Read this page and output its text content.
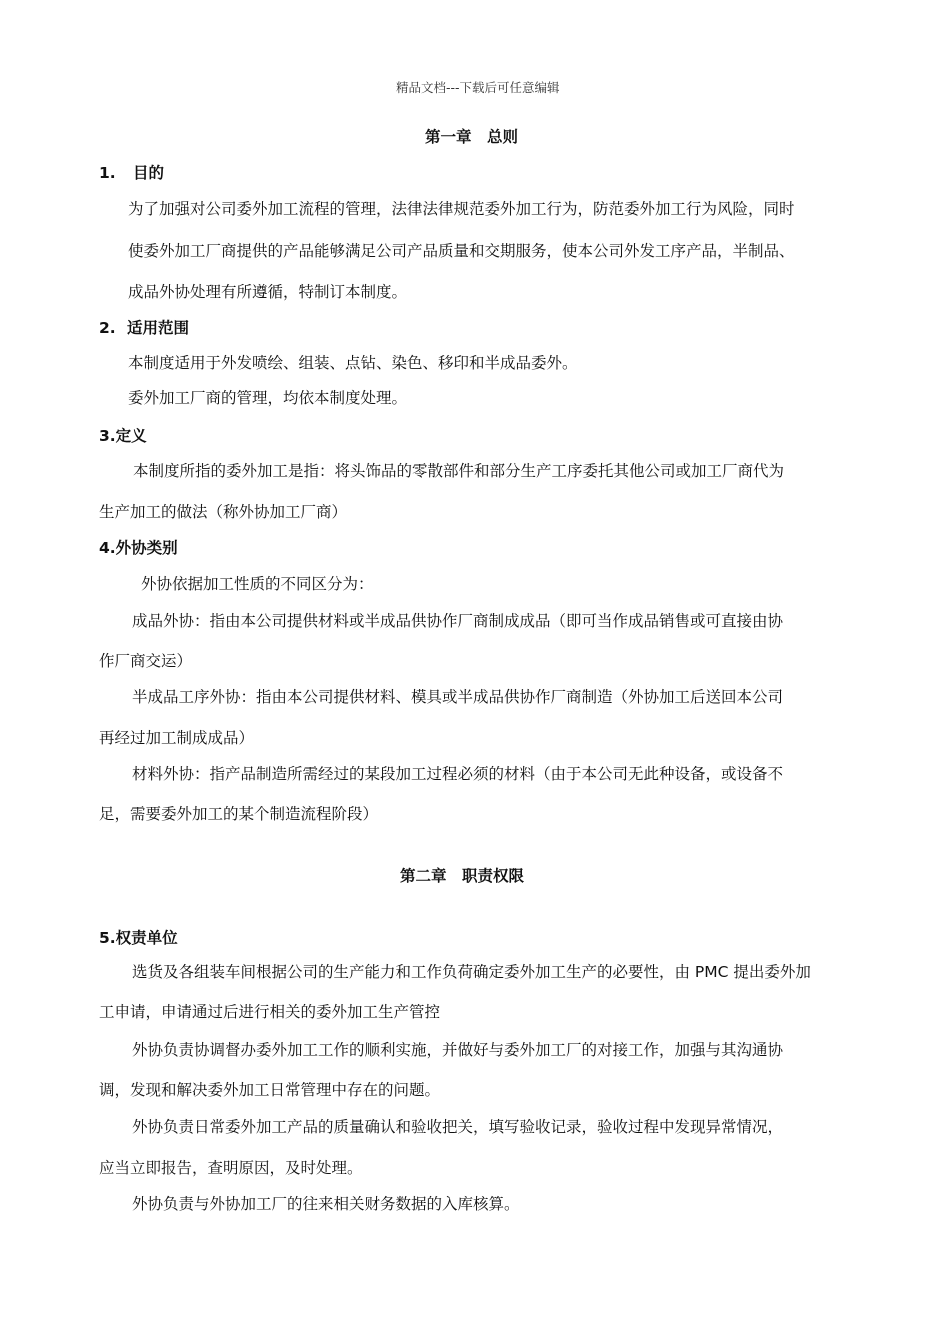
精品文档---下载后可任意编辑
第一章　总则
1. 目的
为了加强对公司委外加工流程的管理，法律法律规范委外加工行为，防范委外加工行为风险，同时
使委外加工厂商提供的产品能够满足公司产品质量和交期服务，使本公司外发工序产品，半制品、
成品外协处理有所遵循，特制订本制度。
2. 适用范围
本制度适用于外发喷绘、组装、点钻、染色、移印和半成品委外。
委外加工厂商的管理，均依本制度处理。
3.定义
本制度所指的委外加工是指：将头饰品的零散部件和部分生产工序委托其他公司或加工厂商代为
生产加工的做法（称外协加工厂商）
4.外协类别
外协依据加工性质的不同区分为：
成品外协：指由本公司提供材料或半成品供协作厂商制成成品（即可当作成品销售或可直接由协
作厂商交运）
半成品工序外协：指由本公司提供材料、模具或半成品供协作厂商制造（外协加工后送回本公司
再经过加工制成成品）
材料外协：指产品制造所需经过的某段加工过程必须的材料（由于本公司无此种设备，或设备不
足，需要委外加工的某个制造流程阶段）
第二章　职责权限
5.权责单位
选货及各组装车间根据公司的生产能力和工作负荷确定委外加工生产的必要性，由 PMC 提出委外加
工申请，申请通过后进行相关的委外加工生产管控
外协负责协调督办委外加工工作的顺利实施，并做好与委外加工厂的对接工作，加强与其沟通协
调，发现和解决委外加工日常管理中存在的问题。
外协负责日常委外加工产品的质量确认和验收把关，填写验收记录，验收过程中发现异常情况，
应当立即报告，查明原因，及时处理。
外协负责与外协加工厂的往来相关财务数据的入库核算。
